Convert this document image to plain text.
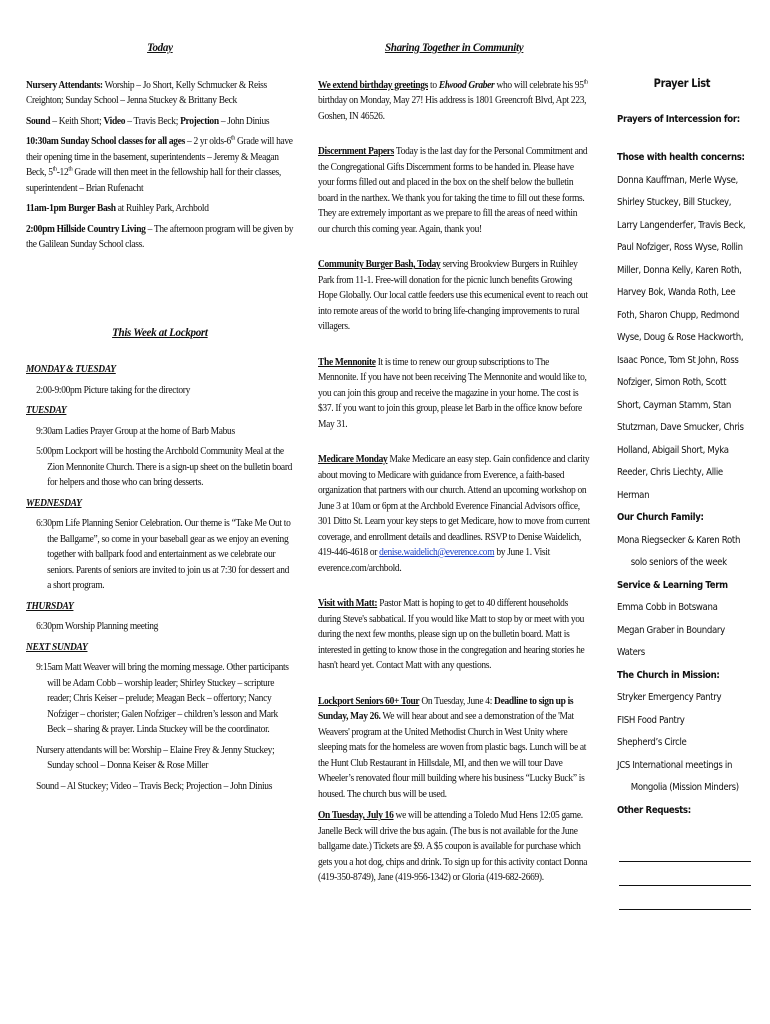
Today
Nursery Attendants: Worship – Jo Short, Kelly Schmucker & Reiss Creighton; Sunday School – Jenna Stuckey & Brittany Beck
Sound – Keith Short; Video – Travis Beck; Projection – John Dinius
10:30am Sunday School classes for all ages – 2 yr olds-6th Grade will have their opening time in the basement, superintendents – Jeremy & Meagan Beck, 5th-12th Grade will then meet in the fellowship hall for their classes, superintendent – Brian Rufenacht
11am-1pm Burger Bash at Ruihley Park, Archbold
2:00pm Hillside Country Living – The afternoon program will be given by the Galilean Sunday School class.
This Week at Lockport
MONDAY & TUESDAY
2:00-9:00pm Picture taking for the directory
TUESDAY
9:30am Ladies Prayer Group at the home of Barb Mabus
5:00pm Lockport will be hosting the Archbold Community Meal at the Zion Mennonite Church. There is a sign-up sheet on the bulletin board for helpers and those who can bring desserts.
WEDNESDAY
6:30pm Life Planning Senior Celebration. Our theme is “Take Me Out to the Ballgame”, so come in your baseball gear as we enjoy an evening together with ballpark food and entertainment as we celebrate our seniors. Parents of seniors are invited to join us at 7:30 for dessert and a short program.
THURSDAY
6:30pm Worship Planning meeting
NEXT SUNDAY
9:15am Matt Weaver will bring the morning message. Other participants will be Adam Cobb – worship leader; Shirley Stuckey – scripture reader; Chris Keiser – prelude; Meagan Beck – offertory; Nancy Nofziger – chorister; Galen Nofziger – children’s lesson and Mark Beck – sharing & prayer. Linda Stuckey will be the coordinator.
Nursery attendants will be: Worship – Elaine Frey & Jenny Stuckey; Sunday school – Donna Keiser & Rose Miller
Sound – Al Stuckey; Video – Travis Beck; Projection – John Dinius
Sharing Together in Community
We extend birthday greetings to Elwood Graber who will celebrate his 95th birthday on Monday, May 27! His address is 1801 Greencroft Blvd, Apt 223, Goshen, IN 46526.
Discernment Papers Today is the last day for the Personal Commitment and the Congregational Gifts Discernment forms to be handed in. Please have your forms filled out and placed in the box on the shelf below the bulletin board in the narthex. We thank you for taking the time to fill out these forms. They are extremely important as we prepare to fill the areas of need within our church this coming year. Again, thank you!
Community Burger Bash, Today serving Brookview Burgers in Ruihley Park from 11-1. Free-will donation for the picnic lunch benefits Growing Hope Globally. Our local cattle feeders use this ecumenical event to reach out into remote areas of the world to bring life-changing improvements to rural villagers.
The Mennonite It is time to renew our group subscriptions to The Mennonite. If you have not been receiving The Mennonite and would like to, you can join this group and receive the magazine in your home. The cost is $37. If you want to join this group, please let Barb in the office know before May 31.
Medicare Monday Make Medicare an easy step. Gain confidence and clarity about moving to Medicare with guidance from Everence, a faith-based organization that partners with our church. Attend an upcoming workshop on June 3 at 10am or 6pm at the Archbold Everence Financial Advisors office, 301 Ditto St. Learn your key steps to get Medicare, how to move from current coverage, and enrollment details and deadlines. RSVP to Denise Waidelich, 419-446-4618 or denise.waidelich@everence.com by June 1. Visit everence.com/archbold.
Visit with Matt: Pastor Matt is hoping to get to 40 different households during Steve's sabbatical. If you would like Matt to stop by or meet with you during the next few months, please sign up on the bulletin board. Matt is interested in getting to know those in the congregation and hearing stories he hasn't heard yet. Contact Matt with any questions.
Lockport Seniors 60+ Tour On Tuesday, June 4: Deadline to sign up is Sunday, May 26. We will hear about and see a demonstration of the 'Mat Weavers' program at the United Methodist Church in West Unity where sleeping mats for the homeless are woven from plastic bags. Lunch will be at the Hunt Club Restaurant in Hillsdale, MI, and then we will tour Dave Wheeler’s renovated flour mill building where his business “Lucky Buck” is housed. The church bus will be used.
On Tuesday, July 16 we will be attending a Toledo Mud Hens 12:05 game. Janelle Beck will drive the bus again. (The bus is not available for the June ballgame date.) Tickets are $9. A $5 coupon is available for purchase which gets you a hot dog, chips and drink. To sign up for this activity contact Donna (419-350-8749), Jane (419-956-1342) or Gloria (419-682-2669).
Prayer List
Prayers of Intercession for:
Those with health concerns:
Donna Kauffman, Merle Wyse, Shirley Stuckey, Bill Stuckey, Larry Langenderfer, Travis Beck, Paul Nofziger, Ross Wyse, Rollin Miller, Donna Kelly, Karen Roth, Harvey Bok, Wanda Roth, Lee Foth, Sharon Chupp, Redmond Wyse, Doug & Rose Hackworth, Isaac Ponce, Tom St John, Ross Nofziger, Simon Roth, Scott Short, Cayman Stamm, Stan Stutzman, Dave Smucker, Chris Holland, Abigail Short, Myka Reeder, Chris Liechty, Allie Herman
Our Church Family:
Mona Riegsecker & Karen Roth
solo seniors of the week
Service & Learning Term
Emma Cobb in Botswana
Megan Graber in Boundary Waters
The Church in Mission:
Stryker Emergency Pantry
FISH Food Pantry
Shepherd’s Circle
JCS International meetings in
Mongolia (Mission Minders)
Other Requests:
